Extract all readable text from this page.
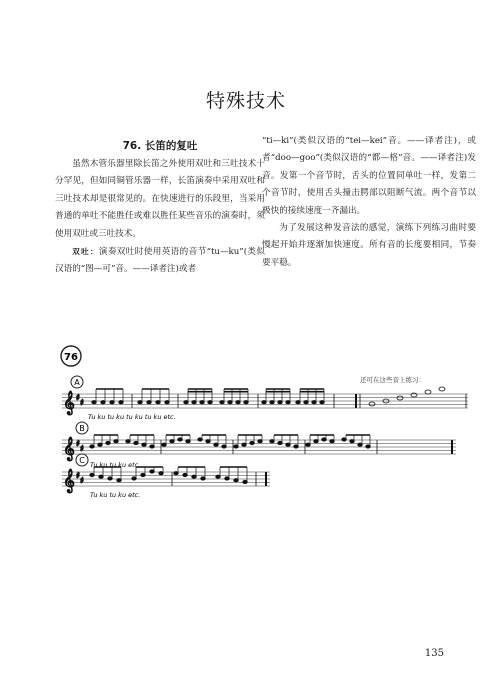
特殊技术
76. 长笛的复吐

虽然木管乐器里除长笛之外使用双吐和三吐技术十分罕见，但如同铜管乐器一样，长笛演奏中采用双吐和三吐技术却是很常见的。在快速进行的乐段里，当采用普通的单吐不能胜任或难以胜任某些音乐的演奏时，须使用双吐或三吐技术。

双吐：演奏双吐时使用英语的音节“tu—ku”(类似汉语的“图—可”音。——译者注)或者

“ti—ki”(类似汉语的“tei—kei”音。——译者注)，或者“doo—goo”(类似汉语的“都—格”音。——译者注)发音。发第一个音节时，舌头的位置同单吐一样，发第二个音节时，使用舌头撞击腭部以阻断气流。两个音节以极快的接续速度一齐漏出。

为了发展这种发音法的感觉，演练下列练习曲时要慢起开始并逐渐加快速度。所有音的长度要相同，节奏要平稳。

76
还可在这些音上练习：
A
𝄞 ♯
♯
Tu ku tu ku tu ku tu ku etc.
B
𝄞 ♯
♯
Tu ku tu ku etc.
C
𝄞 ♯
♯
Tu ku tu ku etc.
135
